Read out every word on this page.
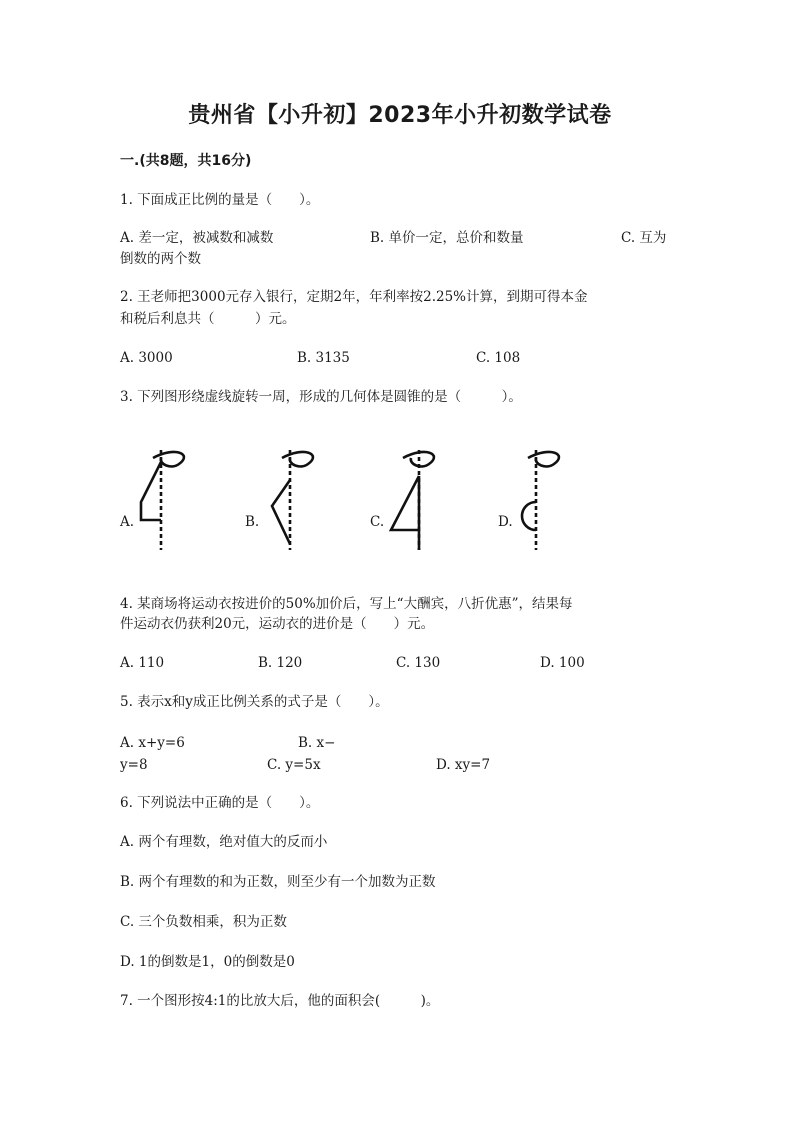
贵州省【小升初】2023年小升初数学试卷
一.(共8题，共16分)
1. 下面成正比例的量是（　　）。
A. 差一定，被减数和减数	B. 单价一定，总价和数量	C. 互为
倒数的两个数
2. 王老师把3000元存入银行，定期2年，年利率按2.25%计算，到期可得本金
和税后利息共（　　　）元。
A. 3000	B. 3135	C. 108
3. 下列图形绕虚线旋转一周，形成的几何体是圆锥的是（　　　）。
A.	B.	C.	D.
4. 某商场将运动衣按进价的50%加价后，写上“大酬宾，八折优惠”，结果每
件运动衣仍获利20元，运动衣的进价是（　　）元。
A. 110	B. 120	C. 130	D. 100
5. 表示x和y成正比例关系的式子是（　　）。
A. x+y=6	B. x−
y=8	C. y=5x	D. xy=7
6. 下列说法中正确的是（　　）。
A. 两个有理数，绝对值大的反而小
B. 两个有理数的和为正数，则至少有一个加数为正数
C. 三个负数相乘，积为正数
D. 1的倒数是1，0的倒数是0
7. 一个图形按4:1的比放大后，他的面积会(　　　)。
